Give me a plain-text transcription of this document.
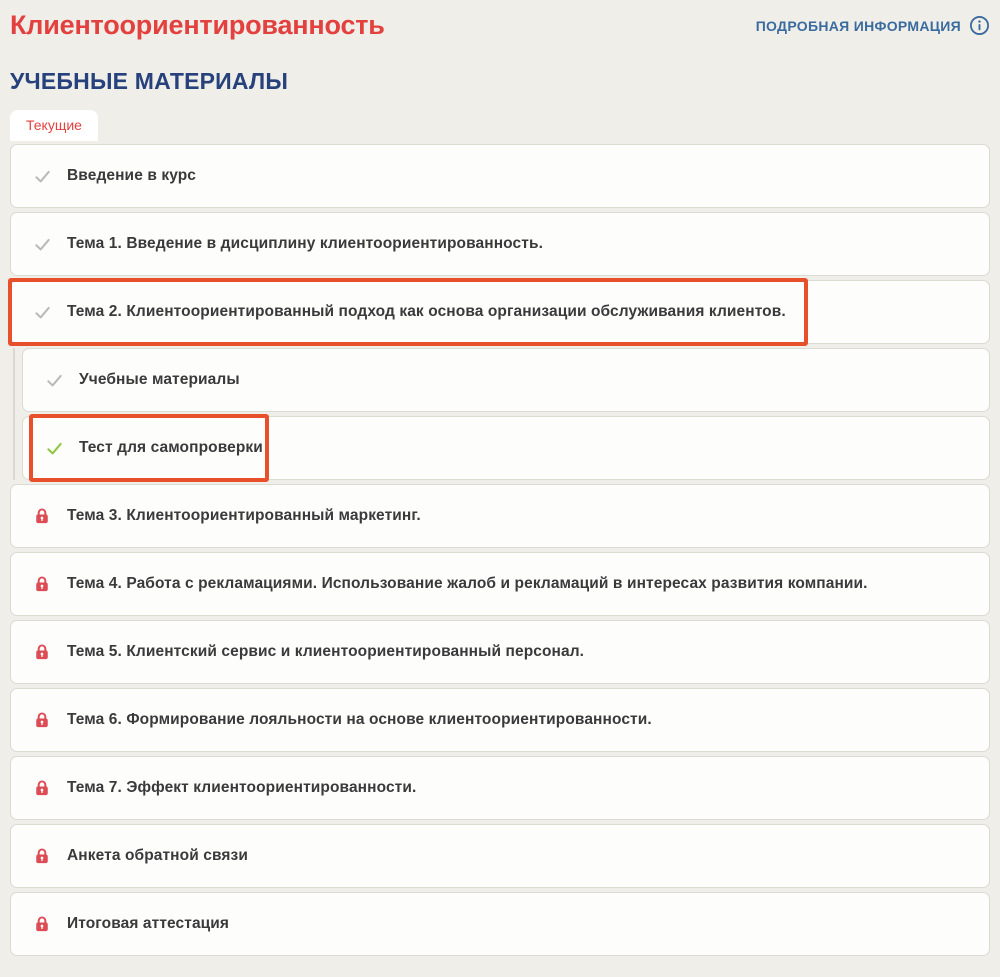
Клиентоориентированность	ПОДРОБНАЯ ИНФОРМАЦИЯ
УЧЕБНЫЕ МАТЕРИАЛЫ
Текущие
Введение в курс
Тема 1. Введение в дисциплину клиентоориентированность.
Тема 2. Клиентоориентированный подход как основа организации обслуживания клиентов.
Учебные материалы
Тест для самопроверки
Тема 3. Клиентоориентированный маркетинг.
Тема 4. Работа с рекламациями. Использование жалоб и рекламаций в интересах развития компании.
Тема 5. Клиентский сервис и клиентоориентированный персонал.
Тема 6. Формирование лояльности на основе клиентоориентированности.
Тема 7. Эффект клиентоориентированности.
Анкета обратной связи
Итоговая аттестация
